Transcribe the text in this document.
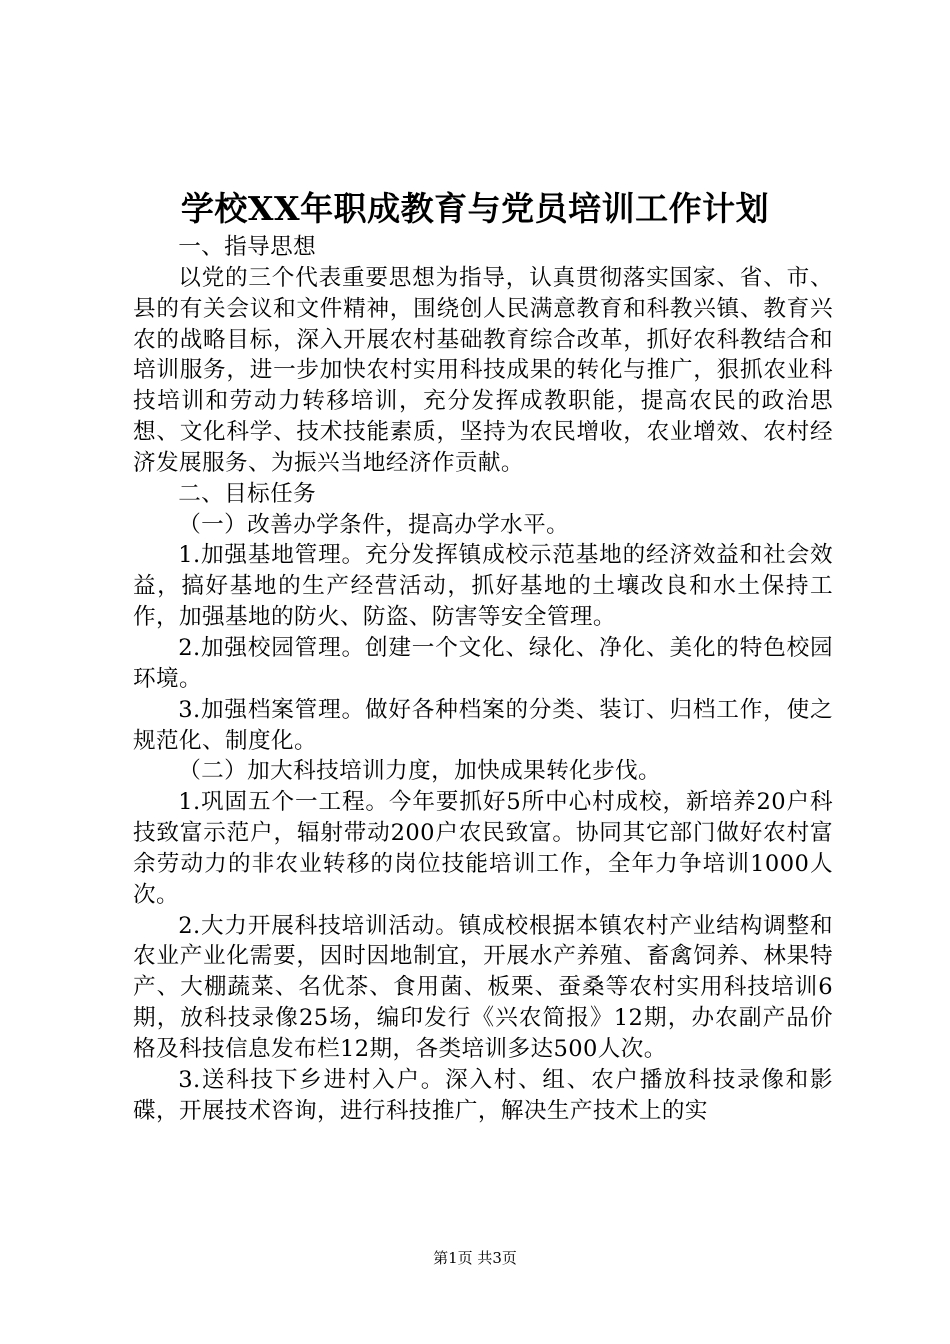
学校XX年职成教育与党员培训工作计划

一、指导思想

以党的三个代表重要思想为指导，认真贯彻落实国家、省、市、县的有关会议和文件精神，围绕创人民满意教育和科教兴镇、教育兴农的战略目标，深入开展农村基础教育综合改革，抓好农科教结合和培训服务，进一步加快农村实用科技成果的转化与推广，狠抓农业科技培训和劳动力转移培训，充分发挥成教职能，提高农民的政治思想、文化科学、技术技能素质，坚持为农民增收，农业增效、农村经济发展服务、为振兴当地经济作贡献。

二、目标任务

（一）改善办学条件，提高办学水平。

1.加强基地管理。充分发挥镇成校示范基地的经济效益和社会效益，搞好基地的生产经营活动，抓好基地的土壤改良和水土保持工作，加强基地的防火、防盗、防害等安全管理。

2.加强校园管理。创建一个文化、绿化、净化、美化的特色校园环境。

3.加强档案管理。做好各种档案的分类、装订、归档工作，使之规范化、制度化。

（二）加大科技培训力度，加快成果转化步伐。

1.巩固五个一工程。今年要抓好5所中心村成校，新培养20户科技致富示范户，辐射带动200户农民致富。协同其它部门做好农村富余劳动力的非农业转移的岗位技能培训工作，全年力争培训1000人次。

2.大力开展科技培训活动。镇成校根据本镇农村产业结构调整和农业产业化需要，因时因地制宜，开展水产养殖、畜禽饲养、林果特产、大棚蔬菜、名优茶、食用菌、板栗、蚕桑等农村实用科技培训6期，放科技录像25场，编印发行《兴农简报》12期，办农副产品价格及科技信息发布栏12期，各类培训多达500人次。

3.送科技下乡进村入户。深入村、组、农户播放科技录像和影碟，开展技术咨询，进行科技推广，解决生产技术上的实

第1页 共3页
